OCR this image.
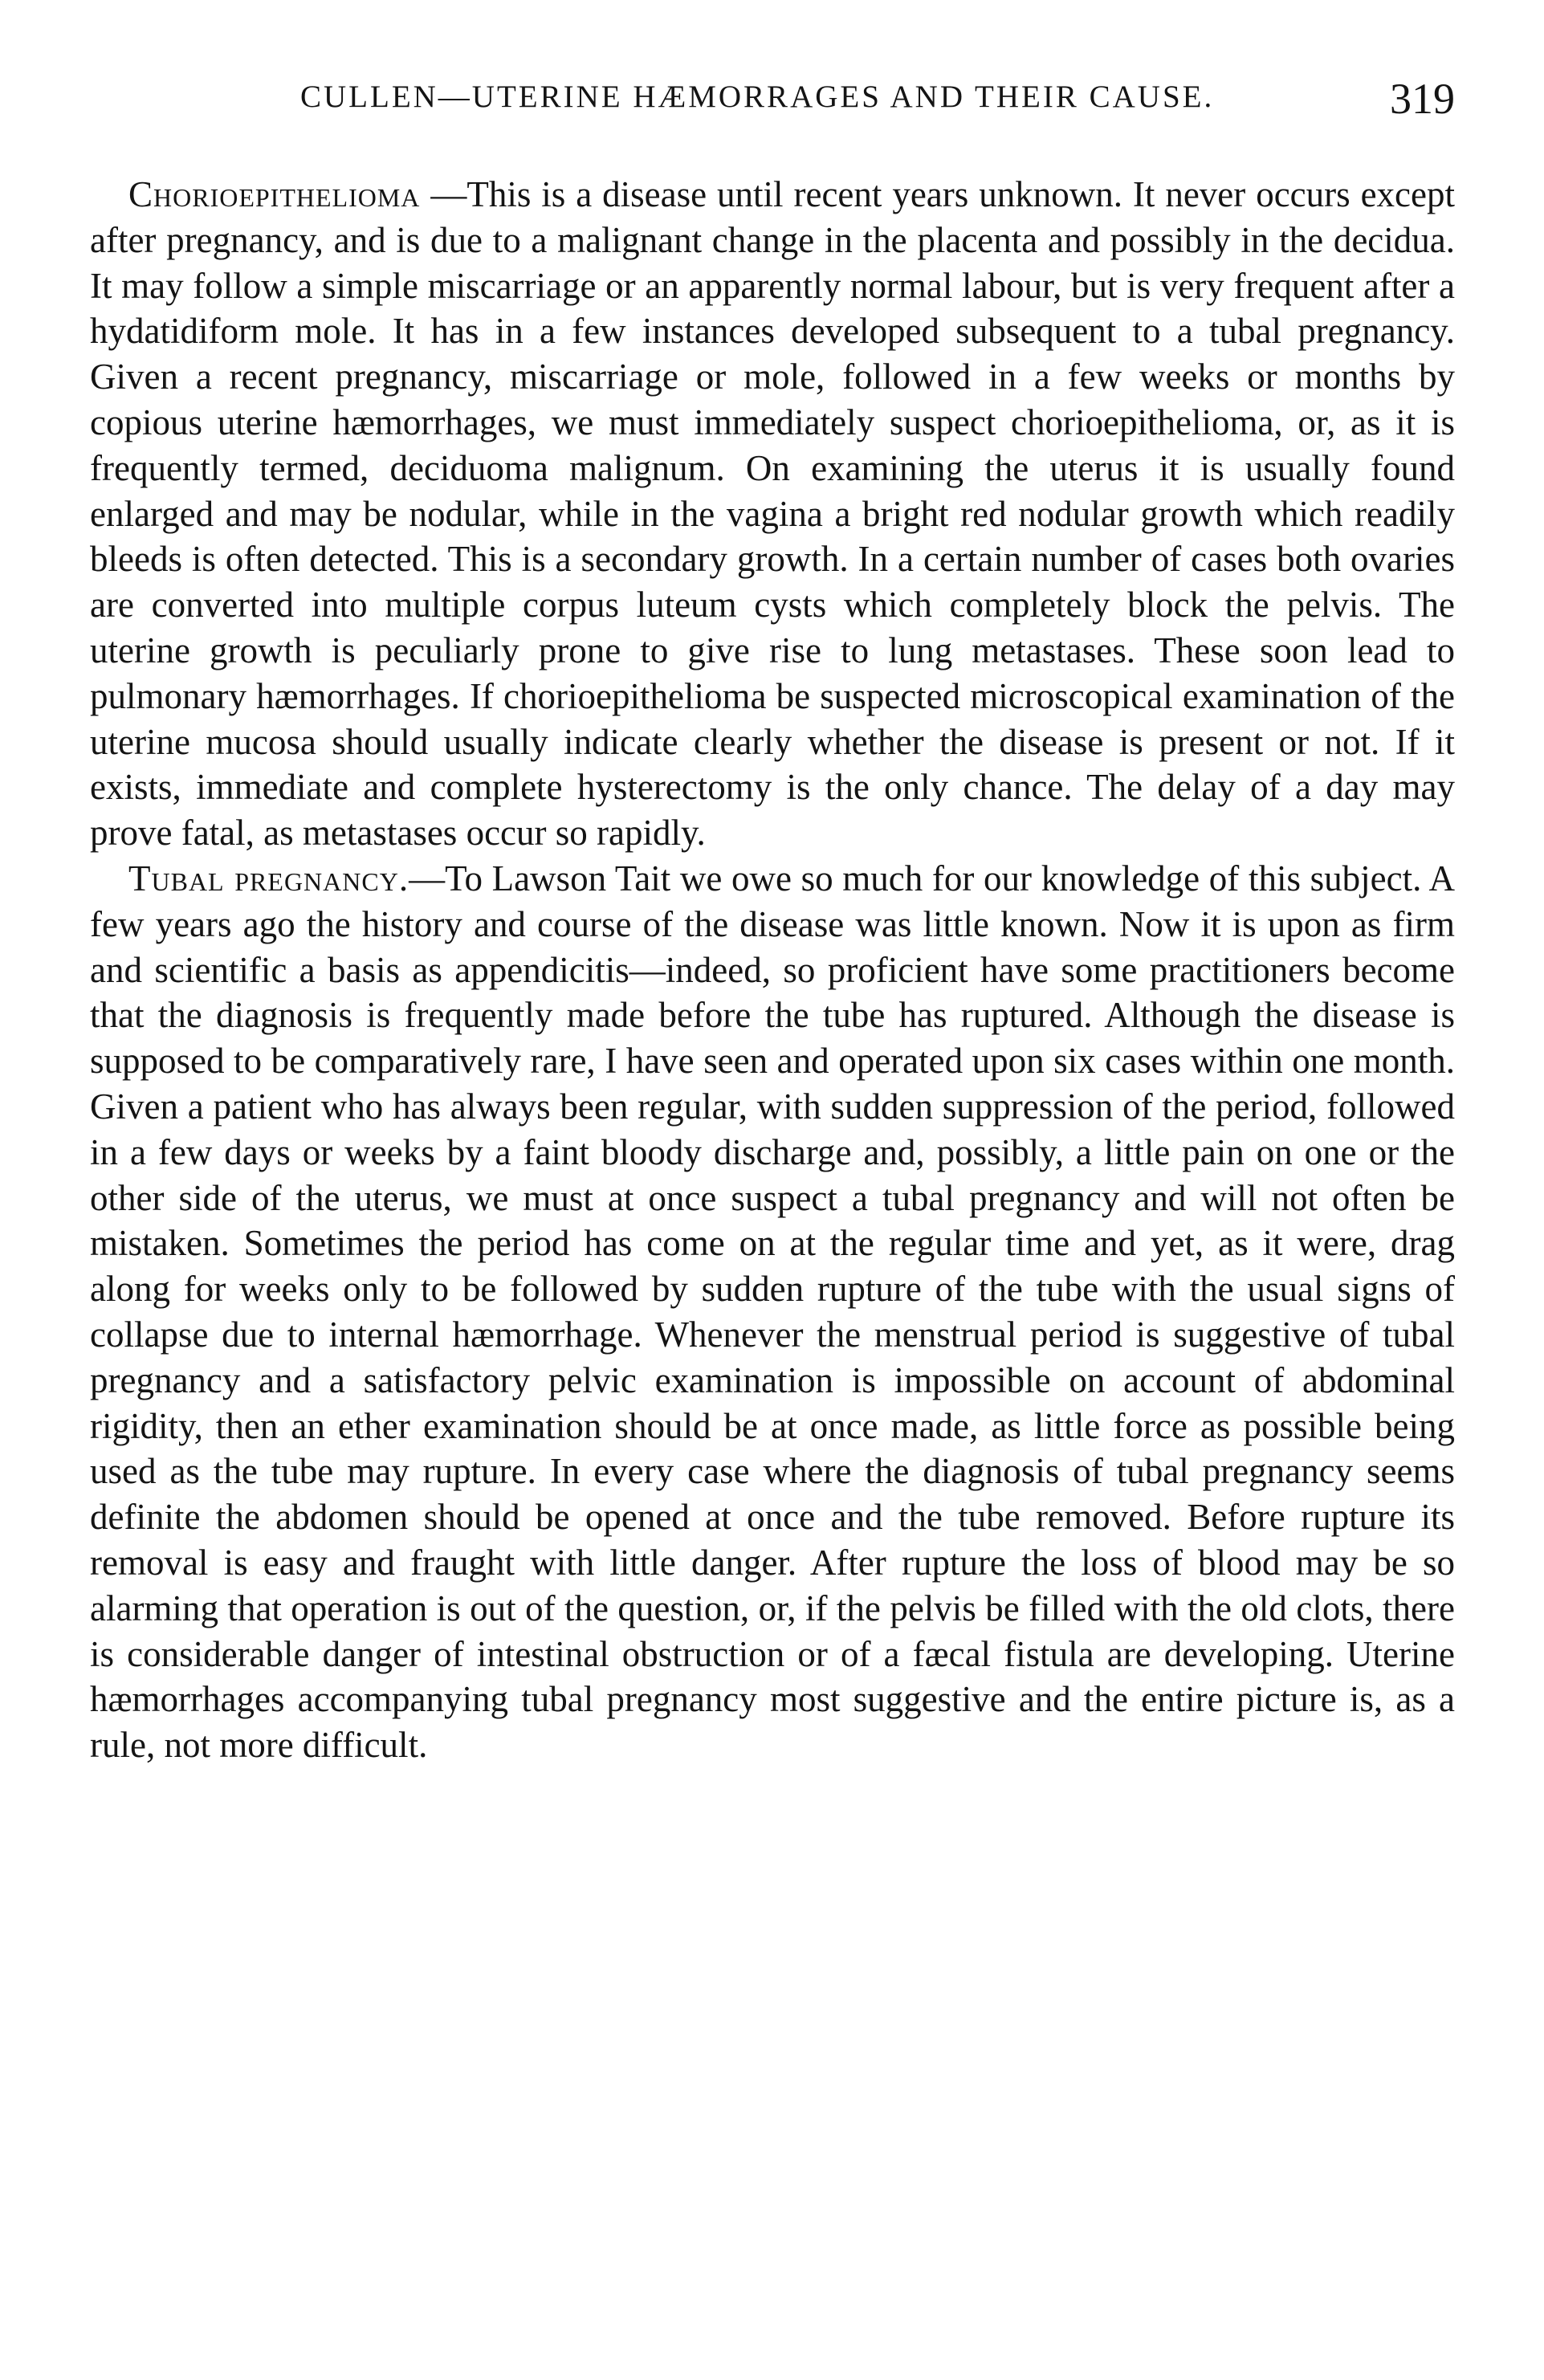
CULLEN—UTERINE HÆMORRAGES AND THEIR CAUSE.	319

Chorioepithelioma —This is a disease until recent years unknown. It never occurs except after pregnancy, and is due to a malignant change in the placenta and possibly in the decidua. It may follow a simple miscarriage or an apparently normal labour, but is very frequent after a hydatidiform mole. It has in a few instances developed subsequent to a tubal pregnancy. Given a recent pregnancy, miscarriage or mole, followed in a few weeks or months by copious uterine hæmorrhages, we must immediately suspect chorioepithelioma, or, as it is frequently termed, deciduoma malignum. On examining the uterus it is usually found enlarged and may be nodular, while in the vagina a bright red nodular growth which readily bleeds is often detected. This is a secondary growth. In a certain number of cases both ovaries are converted into multiple corpus luteum cysts which completely block the pelvis. The uterine growth is peculiarly prone to give rise to lung metastases. These soon lead to pulmonary hæmorrhages. If chorioepithelioma be suspected microscopical examination of the uterine mucosa should usually indicate clearly whether the disease is present or not. If it exists, immediate and complete hysterectomy is the only chance. The delay of a day may prove fatal, as metastases occur so rapidly.

Tubal pregnancy.—To Lawson Tait we owe so much for our knowledge of this subject. A few years ago the history and course of the disease was little known. Now it is upon as firm and scientific a basis as appendicitis—indeed, so proficient have some practitioners become that the diagnosis is frequently made before the tube has ruptured. Although the disease is supposed to be comparatively rare, I have seen and operated upon six cases within one month. Given a patient who has always been regular, with sudden suppression of the period, followed in a few days or weeks by a faint bloody discharge and, possibly, a little pain on one or the other side of the uterus, we must at once suspect a tubal pregnancy and will not often be mistaken. Sometimes the period has come on at the regular time and yet, as it were, drag along for weeks only to be followed by sudden rupture of the tube with the usual signs of collapse due to internal hæmorrhage. Whenever the menstrual period is suggestive of tubal pregnancy and a satisfactory pelvic examination is impossible on account of abdominal rigidity, then an ether examination should be at once made, as little force as possible being used as the tube may rupture. In every case where the diagnosis of tubal pregnancy seems definite the abdomen should be opened at once and the tube removed. Before rupture its removal is easy and fraught with little danger. After rupture the loss of blood may be so alarming that operation is out of the question, or, if the pelvis be filled with the old clots, there is considerable danger of intestinal obstruction or of a fæcal fistula are developing. Uterine hæmorrhages accompanying tubal pregnancy most suggestive and the entire picture is, as a rule, not more difficult.
